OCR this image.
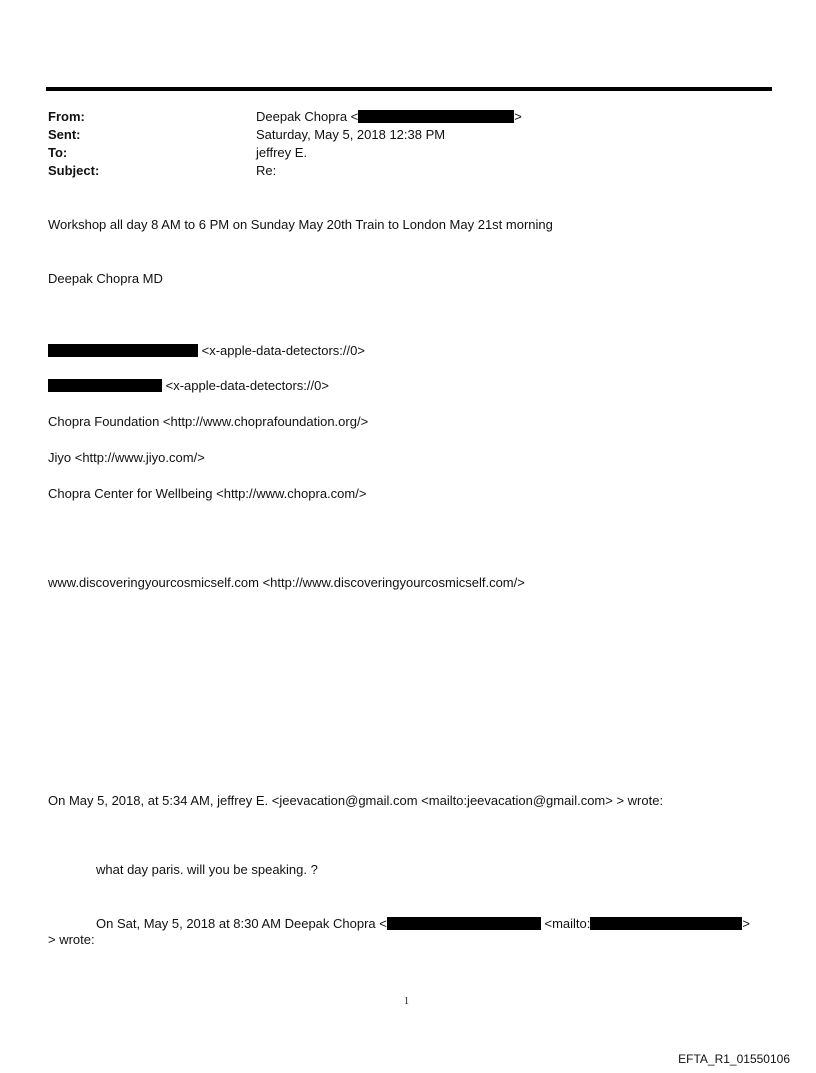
From:	Deepak Chopra <	>
Sent:	Saturday, May 5, 2018 12:38 PM
To:	jeffrey E.
Subject:	Re:
Workshop all day 8 AM to 6 PM on Sunday May 20th Train to London May 21st morning
Deepak Chopra MD
<x-apple-data-detectors://0>
<x-apple-data-detectors://0>
Chopra Foundation <http://www.choprafoundation.org/>
Jiyo <http://www.jiyo.com/>
Chopra Center for Wellbeing <http://www.chopra.com/>
www.discoveringyourcosmicself.com <http://www.discoveringyourcosmicself.com/>
On May 5, 2018, at 5:34 AM, jeffrey E. <jeevacation@gmail.com <mailto:jeevacation@gmail.com> > wrote:
what day paris. will you be speaking. ?
On Sat, May 5, 2018 at 8:30 AM Deepak Chopra <	<mailto:	>
> wrote:
1
EFTA_R1_01550106
